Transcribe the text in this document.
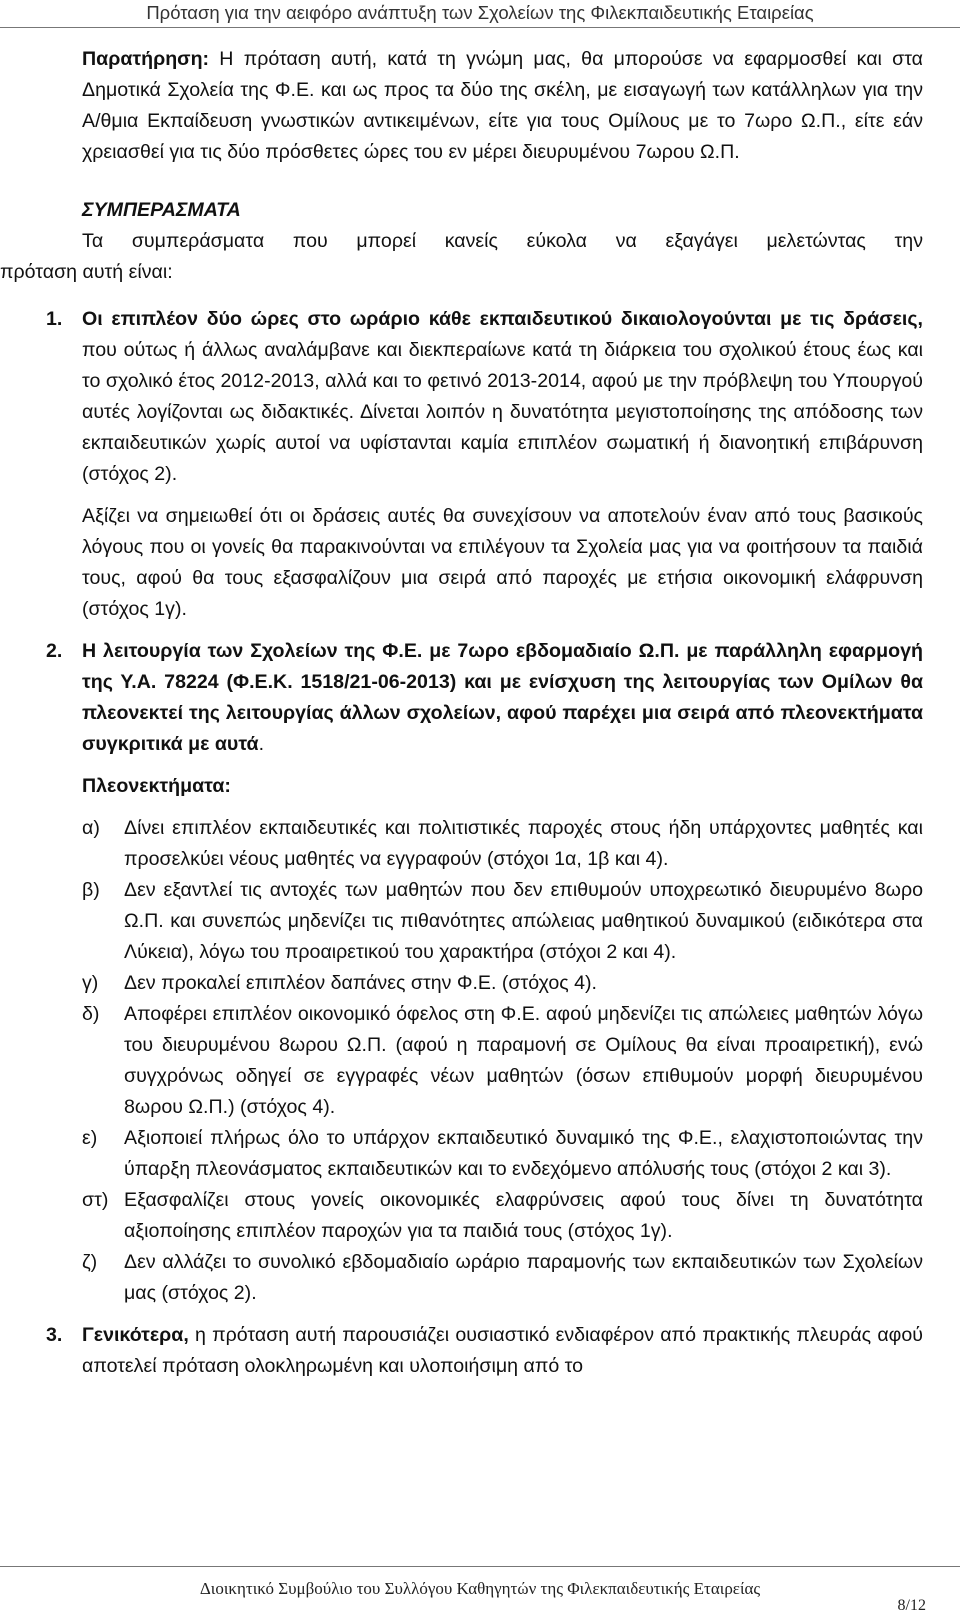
Πρόταση για την αειφόρο ανάπτυξη των Σχολείων της Φιλεκπαιδευτικής Εταιρείας

Παρατήρηση: Η πρόταση αυτή, κατά τη γνώμη μας, θα μπορούσε να εφαρμοσθεί και στα Δημοτικά Σχολεία της Φ.Ε. και ως προς τα δύο της σκέλη, με εισαγωγή των κατάλληλων για την Α/θμια Εκπαίδευση γνωστικών αντικειμένων, είτε για τους Ομίλους με το 7ωρο Ω.Π., είτε εάν χρειασθεί για τις δύο πρόσθετες ώρες του εν μέρει διευρυμένου 7ωρου Ω.Π.

ΣΥΜΠΕΡΑΣΜΑΤΑ

Τα συμπεράσματα που μπορεί κανείς εύκολα να εξαγάγει μελετώντας την
πρόταση αυτή είναι:

1. Οι επιπλέον δύο ώρες στο ωράριο κάθε εκπαιδευτικού δικαιολογούνται με τις δράσεις, που ούτως ή άλλως αναλάμβανε και διεκπεραίωνε κατά τη διάρκεια του σχολικού έτους έως και το σχολικό έτος 2012-2013, αλλά και το φετινό 2013-2014, αφού με την πρόβλεψη του Υπουργού αυτές λογίζονται ως διδακτικές. Δίνεται λοιπόν η δυνατότητα μεγιστοποίησης της απόδοσης των εκπαιδευτικών χωρίς αυτοί να υφίστανται καμία επιπλέον σωματική ή διανοητική επιβάρυνση (στόχος 2).

Αξίζει να σημειωθεί ότι οι δράσεις αυτές θα συνεχίσουν να αποτελούν έναν από τους βασικούς λόγους που οι γονείς θα παρακινούνται να επιλέγουν τα Σχολεία μας για να φοιτήσουν τα παιδιά τους, αφού θα τους εξασφαλίζουν μια σειρά από παροχές με ετήσια οικονομική ελάφρυνση (στόχος 1γ).

2. Η λειτουργία των Σχολείων της Φ.Ε. με 7ωρο εβδομαδιαίο Ω.Π. με παράλληλη εφαρμογή της Υ.Α. 78224 (Φ.Ε.Κ. 1518/21-06-2013) και με ενίσχυση της λειτουργίας των Ομίλων θα πλεονεκτεί της λειτουργίας άλλων σχολείων, αφού παρέχει μια σειρά από πλεονεκτήματα συγκριτικά με αυτά.

Πλεονεκτήματα:

α) Δίνει επιπλέον εκπαιδευτικές και πολιτιστικές παροχές στους ήδη υπάρχοντες μαθητές και προσελκύει νέους μαθητές να εγγραφούν (στόχοι 1α, 1β και 4).
β) Δεν εξαντλεί τις αντοχές των μαθητών που δεν επιθυμούν υποχρεωτικό διευρυμένο 8ωρο Ω.Π. και συνεπώς μηδενίζει τις πιθανότητες απώλειας μαθητικού δυναμικού (ειδικότερα στα Λύκεια), λόγω του προαιρετικού του χαρακτήρα (στόχοι 2 και 4).
γ) Δεν προκαλεί επιπλέον δαπάνες στην Φ.Ε. (στόχος 4).
δ) Αποφέρει επιπλέον οικονομικό όφελος στη Φ.Ε. αφού μηδενίζει τις απώλειες μαθητών λόγω του διευρυμένου 8ωρου Ω.Π. (αφού η παραμονή σε Ομίλους θα είναι προαιρετική), ενώ συγχρόνως οδηγεί σε εγγραφές νέων μαθητών (όσων επιθυμούν μορφή διευρυμένου 8ωρου Ω.Π.) (στόχος 4).
ε) Αξιοποιεί πλήρως όλο το υπάρχον εκπαιδευτικό δυναμικό της Φ.Ε., ελαχιστοποιώντας την ύπαρξη πλεονάσματος εκπαιδευτικών και το ενδεχόμενο απόλυσής τους (στόχοι 2 και 3).
στ) Εξασφαλίζει στους γονείς οικονομικές ελαφρύνσεις αφού τους δίνει τη δυνατότητα αξιοποίησης επιπλέον παροχών για τα παιδιά τους (στόχος 1γ).
ζ) Δεν αλλάζει το συνολικό εβδομαδιαίο ωράριο παραμονής των εκπαιδευτικών των Σχολείων μας (στόχος 2).
3. Γενικότερα, η πρόταση αυτή παρουσιάζει ουσιαστικό ενδιαφέρον από πρακτικής πλευράς αφού αποτελεί πρόταση ολοκληρωμένη και υλοποιήσιμη από το

Διοικητικό Συμβούλιο του Συλλόγου Καθηγητών της Φιλεκπαιδευτικής Εταιρείας
8/12
